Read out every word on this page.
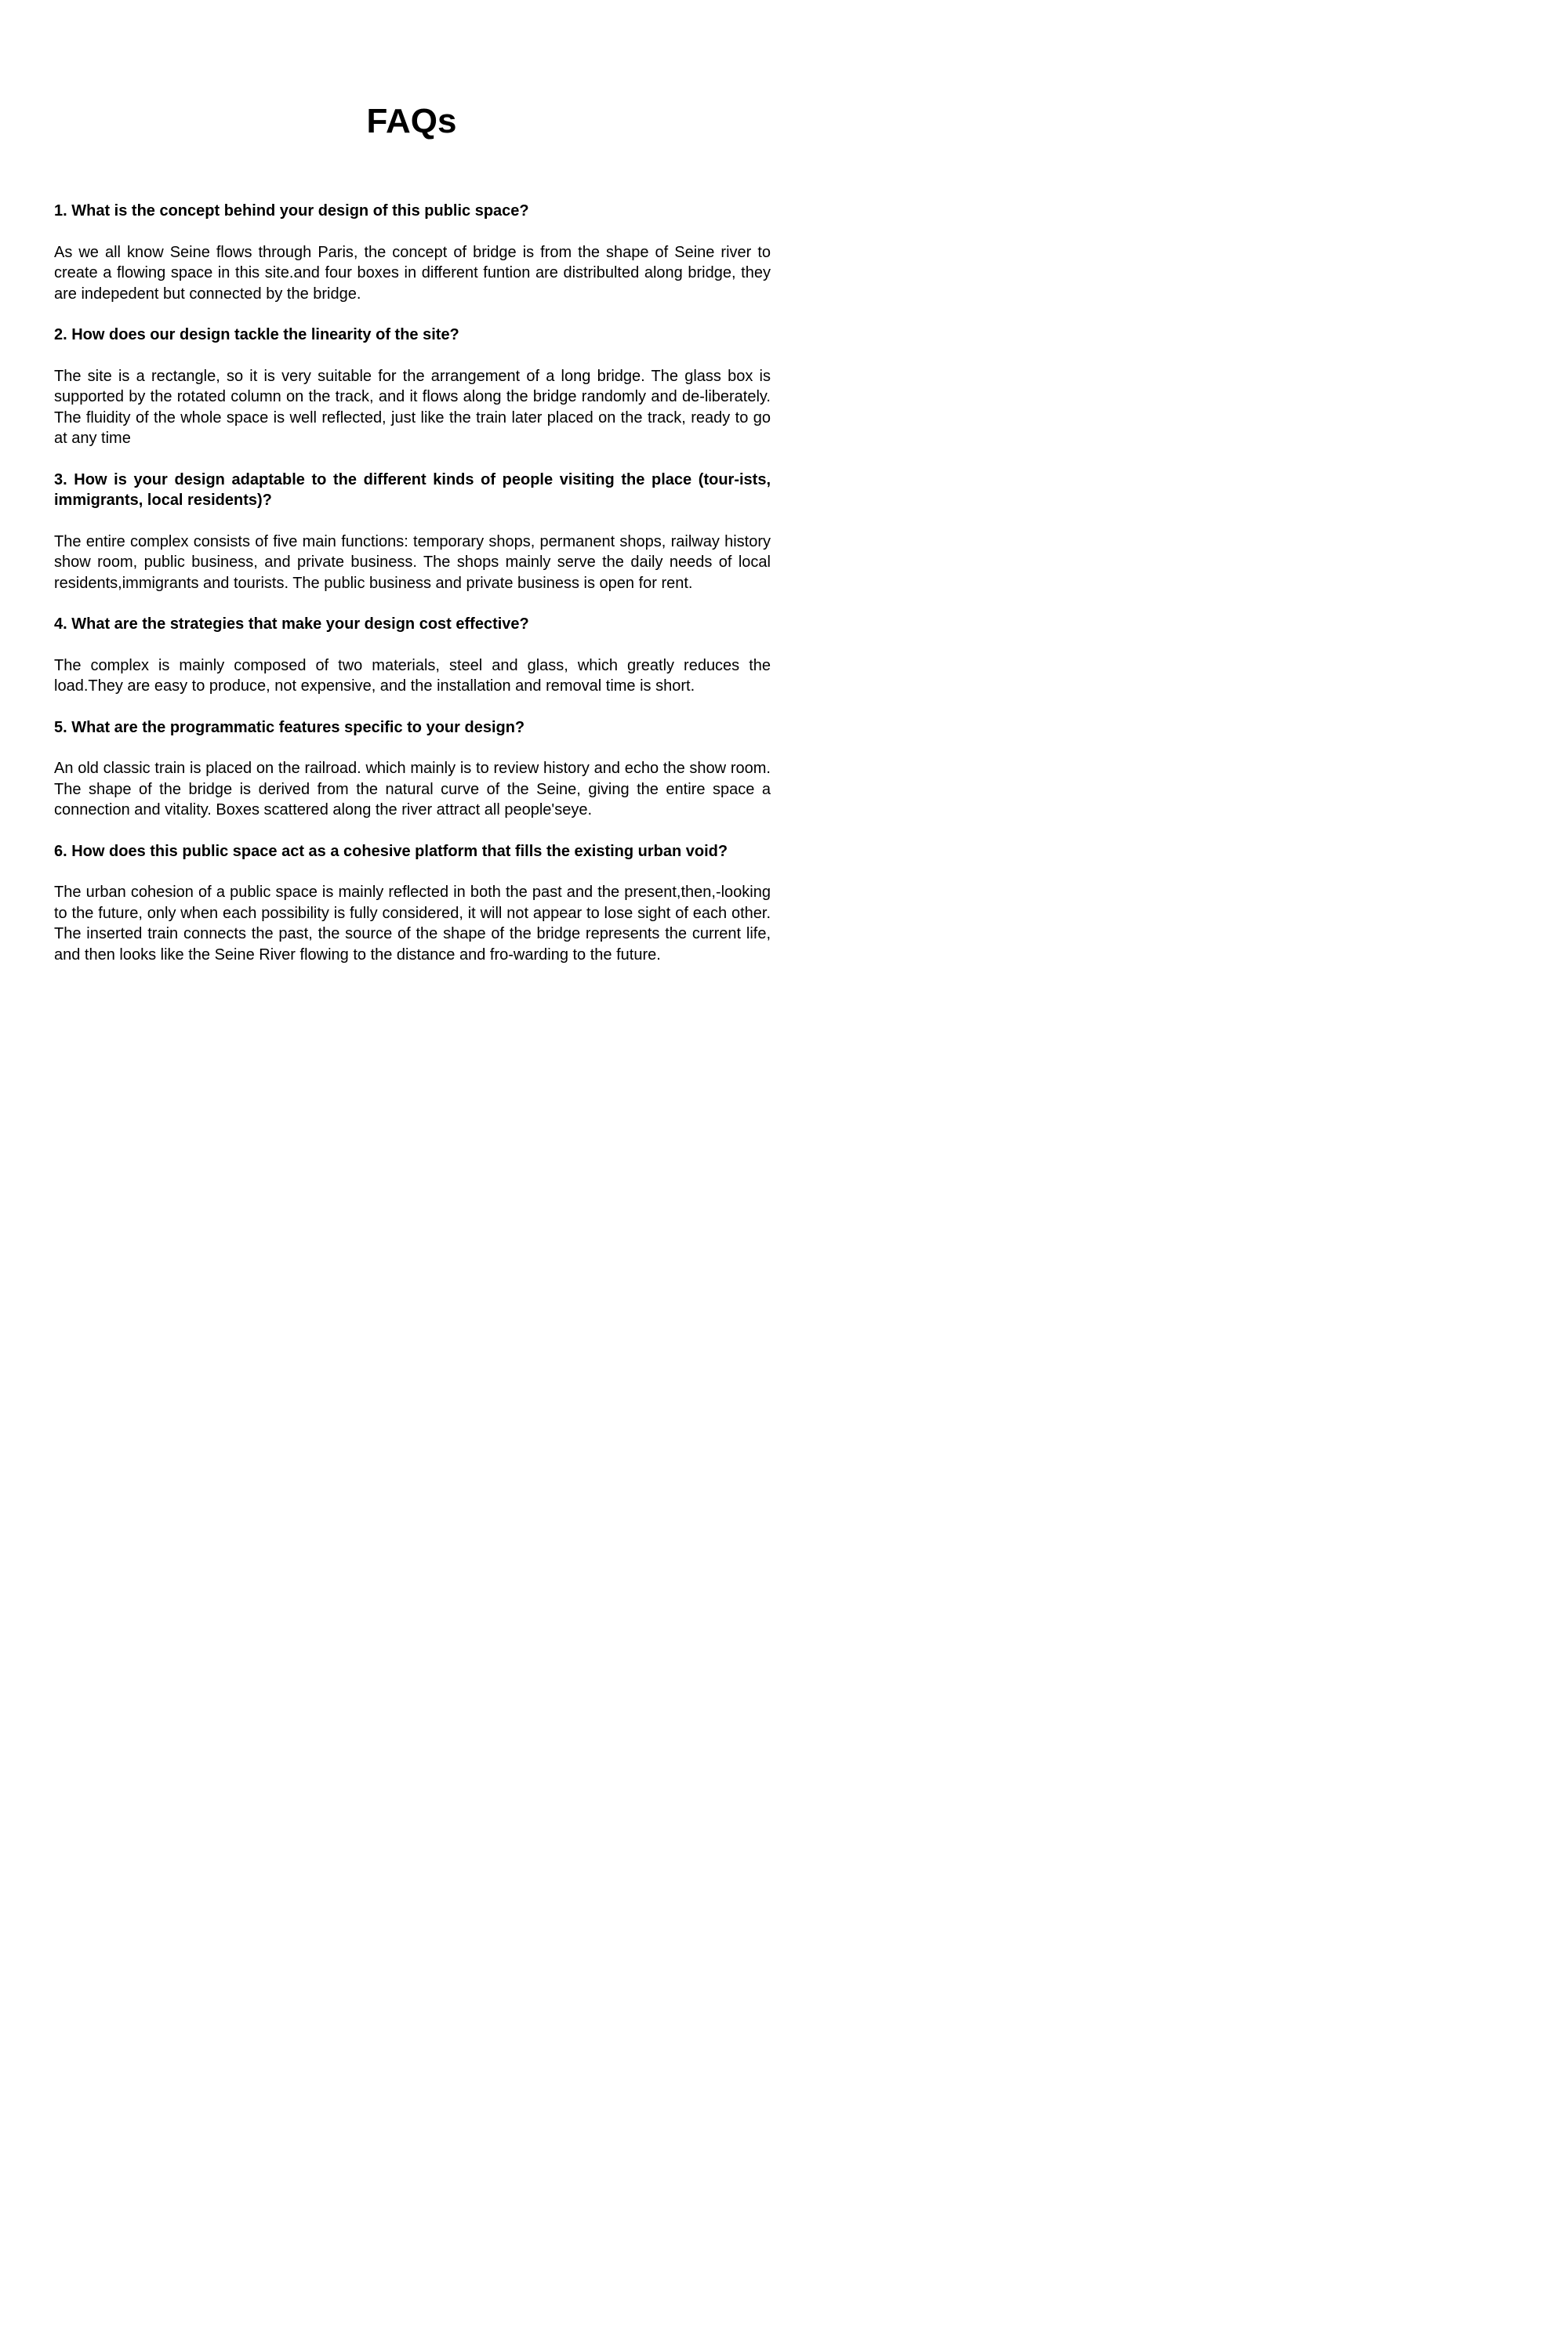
FAQs

1. What is the concept behind your design of this public space?

As we all know Seine flows through Paris, the concept of bridge is from the shape of Seine river to create a flowing space in this site.and four boxes in different funtion are distribulted along bridge, they are indepedent but connected by the bridge.

2. How does our design tackle the linearity of the site?

The site is a rectangle, so it is very suitable for the arrangement of a long bridge. The glass box is supported by the rotated column on the track, and it flows along the bridge randomly and de-liberately. The fluidity of the whole space is well reflected, just like the train later placed on the track, ready to go at any time

3. How is your design adaptable to the different kinds of people visiting the place (tour-ists, immigrants, local residents)?

The entire complex consists of five main functions: temporary shops, permanent shops, railway history show room, public business, and private business. The shops mainly serve the daily needs of local residents,immigrants and tourists. The public business and private business is open for rent.

4. What are the strategies that make your design cost effective?

The complex is mainly composed of two materials, steel and glass, which greatly reduces the load.They are easy to produce, not expensive, and the installation and removal time is short.

5. What are the programmatic features specific to your design?

An old classic train is placed on the railroad. which mainly is to review history and echo the show room. The shape of the bridge is derived from the natural curve of the Seine, giving the entire space a connection and vitality. Boxes scattered along the river attract all people'seye.

6. How does this public space act as a cohesive platform that fills the existing urban void?

The urban cohesion of a public space is mainly reflected in both the past and the present,then,-looking to the future, only when each possibility is fully considered, it will not appear to lose sight of each other. The inserted train connects the past, the source of the shape of the bridge represents the current life, and then looks like the Seine River flowing to the distance and fro-warding to the future.
